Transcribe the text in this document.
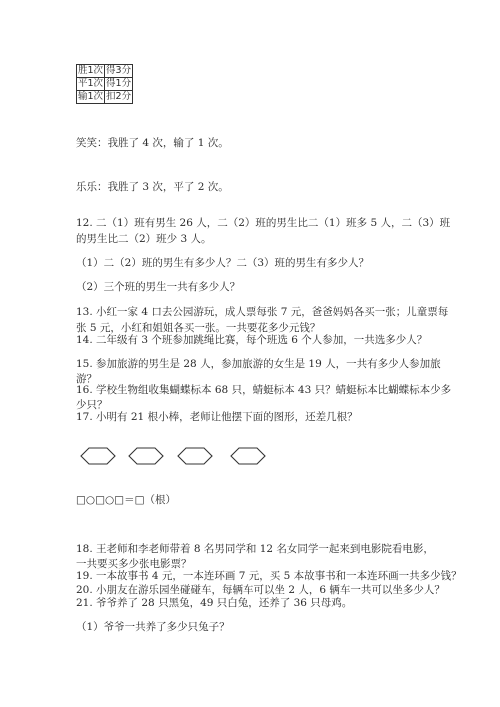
胜1次	得3分
平1次	得1分
输1次	扣2分
笑笑：我胜了 4 次，输了 1 次。
乐乐：我胜了 3 次，平了 2 次。
12. 二（1）班有男生 26 人，二（2）班的男生比二（1）班多 5 人，二（3）班
的男生比二（2）班少 3 人。
（1）二（2）班的男生有多少人？二（3）班的男生有多少人？
（2）三个班的男生一共有多少人？
13. 小红一家 4 口去公园游玩，成人票每张 7 元，爸爸妈妈各买一张；儿童票每
张 5 元，小红和姐姐各买一张。一共要花多少元钱？
14. 二年级有 3 个班参加跳绳比赛，每个班选 6 个人参加，一共选多少人？
15. 参加旅游的男生是 28 人，参加旅游的女生是 19 人，一共有多少人参加旅
游？
16. 学校生物组收集蝴蝶标本 68 只，蜻蜓标本 43 只？蜻蜓标本比蝴蝶标本少多
少只？
17. 小明有 21 根小棒，老师让他摆下面的图形，还差几根？
□○□○□＝□（根）
18. 王老师和李老师带着 8 名男同学和 12 名女同学一起来到电影院看电影，
一共要买多少张电影票？
19. 一本故事书 4 元，一本连环画 7 元，买 5 本故事书和一本连环画一共多少钱？
20. 小朋友在游乐园坐碰碰车，每辆车可以坐 2 人，6 辆车一共可以坐多少人？
21. 爷爷养了 28 只黑兔，49 只白兔，还养了 36 只母鸡。
（1）爷爷一共养了多少只兔子？
